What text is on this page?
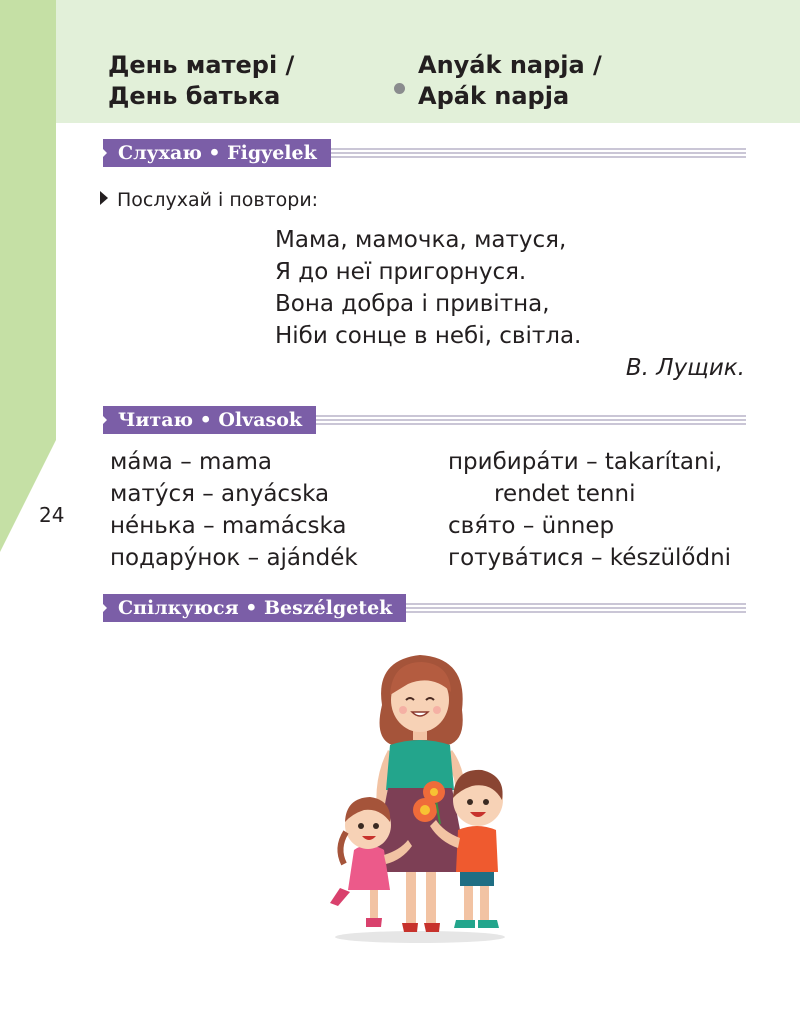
День матері /
День батька
Anyák napja /
Apák napja
Слухаю • Figyelek
Послухай і повтори:
Мама, мамочка, матуся,
Я до неї пригорнуся.
Вона добра і привітна,
Ніби сонце в небі, світла.
В. Лущик.
Читаю • Olvasok
ма́ма – mama
мату́ся – anyácska
не́нька – mamácska
подару́нок – ajándék
прибира́ти – takarítani,
rendet tenni
свя́то – ünnep
готува́тися – készülődni
24
Спілкуюся • Beszélgetek
